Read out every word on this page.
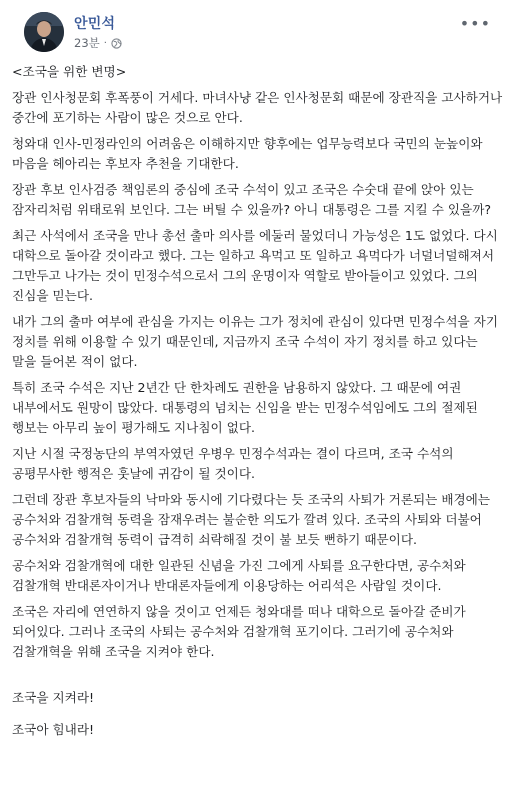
안민석
23분 ·
•••

<조국을 위한 변명>

장관 인사청문회 후폭풍이 거세다. 마녀사냥 같은 인사청문회 때문에 장관직을 고사하거나 중간에 포기하는 사람이 많은 것으로 안다.

청와대 인사-민정라인의 어려움은 이해하지만 향후에는 업무능력보다 국민의 눈높이와 마음을 헤아리는 후보자 추천을 기대한다.

장관 후보 인사검증 책임론의 중심에 조국 수석이 있고 조국은 수숫대 끝에 앉아 있는 잠자리처럼 위태로워 보인다. 그는 버틸 수 있을까? 아니 대통령은 그를 지킬 수 있을까?

최근 사석에서 조국을 만나 총선 출마 의사를 에둘러 물었더니 가능성은 1도 없었다. 다시 대학으로 돌아갈 것이라고 했다. 그는 일하고 욕먹고 또 일하고 욕먹다가 너덜너덜해져서 그만두고 나가는 것이 민정수석으로서 그의 운명이자 역할로 받아들이고 있었다. 그의 진심을 믿는다.

내가 그의 출마 여부에 관심을 가지는 이유는 그가 정치에 관심이 있다면 민정수석을 자기 정치를 위해 이용할 수 있기 때문인데, 지금까지 조국 수석이 자기 정치를 하고 있다는 말을 들어본 적이 없다.

특히 조국 수석은 지난 2년간 단 한차례도 권한을 남용하지 않았다. 그 때문에 여권 내부에서도 원망이 많았다. 대통령의 넘치는 신임을 받는 민정수석임에도 그의 절제된 행보는 아무리 높이 평가해도 지나침이 없다.

지난 시절 국정농단의 부역자였던 우병우 민정수석과는 결이 다르며, 조국 수석의 공평무사한 행적은 훗날에 귀감이 될 것이다.

그런데 장관 후보자들의 낙마와 동시에 기다렸다는 듯 조국의 사퇴가 거론되는 배경에는 공수처와 검찰개혁 동력을 잠재우려는 불순한 의도가 깔려 있다. 조국의 사퇴와 더불어 공수처와 검찰개혁 동력이 급격히 쇠락해질 것이 불 보듯 뻔하기 때문이다.

공수처와 검찰개혁에 대한 일관된 신념을 가진 그에게 사퇴를 요구한다면, 공수처와 검찰개혁 반대론자이거나 반대론자들에게 이용당하는 어리석은 사람일 것이다.

조국은 자리에 연연하지 않을 것이고 언제든 청와대를 떠나 대학으로 돌아갈 준비가 되어있다. 그러나 조국의 사퇴는 공수처와 검찰개혁 포기이다. 그러기에 공수처와 검찰개혁을 위해 조국을 지켜야 한다.

조국을 지켜라!

조국아 힘내라!
